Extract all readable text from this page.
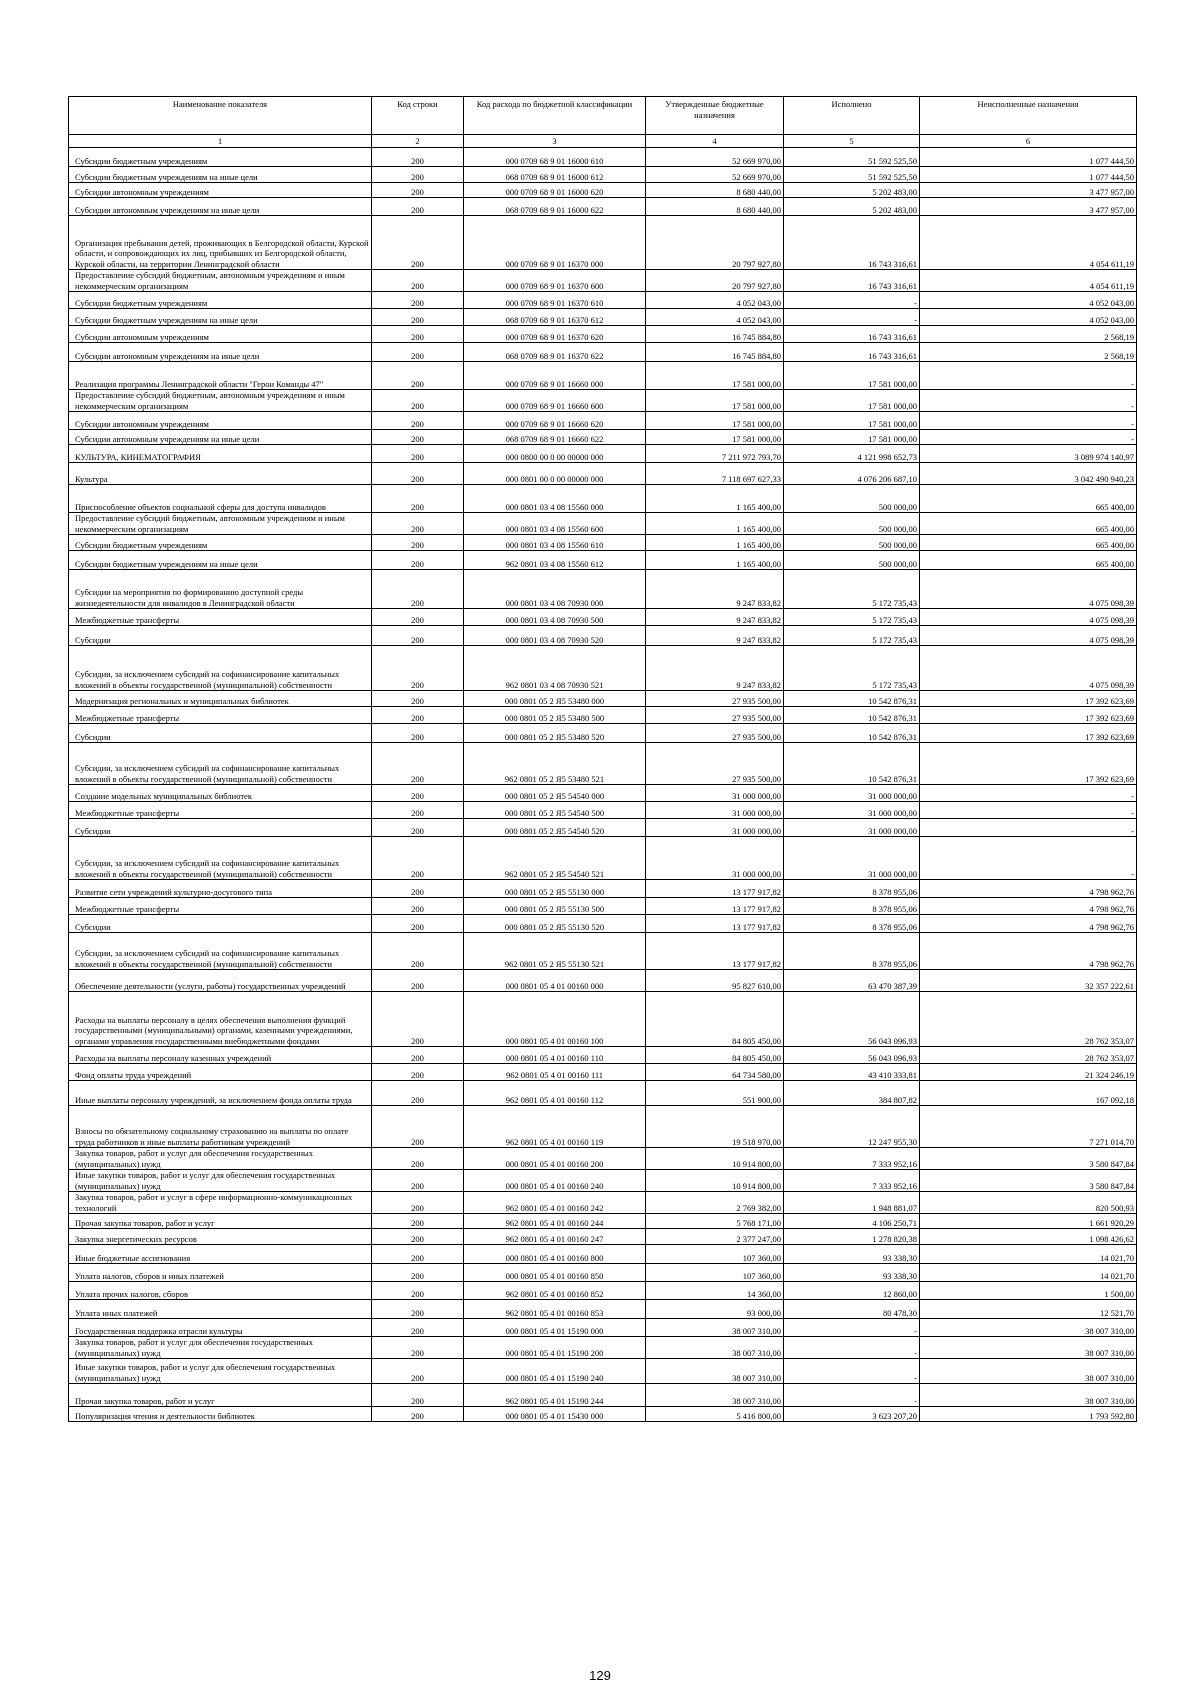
Наименование показателя	Код строки	Код расхода по бюджетной классификации	Утвержденные бюджетные назначения	Исполнено	Неисполненные назначения
1	2	3	4	5	6
Субсидии бюджетным учреждениям	200	000 0709 68 9 01 16000 610	52 669 970,00	51 592 525,50	1 077 444,50
Субсидии бюджетным учреждениям на иные цели	200	068 0709 68 9 01 16000 612	52 669 970,00	51 592 525,50	1 077 444,50
Субсидии автономным учреждениям	200	000 0709 68 9 01 16000 620	8 680 440,00	5 202 483,00	3 477 957,00
Субсидии автономным учреждениям на иные цели	200	068 0709 68 9 01 16000 622	8 680 440,00	5 202 483,00	3 477 957,00
Организация пребывания детей, проживающих в Белгородской области, Курской области, и сопровождающих их лиц, прибывших из Белгородской области, Курской области, на территории Ленинградской области	200	000 0709 68 9 01 16370 000	20 797 927,80	16 743 316,61	4 054 611,19
Предоставление субсидий бюджетным, автономным учреждениям и иным некоммерческим организациям	200	000 0709 68 9 01 16370 600	20 797 927,80	16 743 316,61	4 054 611,19
Субсидии бюджетным учреждениям	200	000 0709 68 9 01 16370 610	4 052 043,00	-	4 052 043,00
Субсидии бюджетным учреждениям на иные цели	200	068 0709 68 9 01 16370 612	4 052 043,00	-	4 052 043,00
Субсидии автономным учреждениям	200	000 0709 68 9 01 16370 620	16 745 884,80	16 743 316,61	2 568,19
Субсидии автономным учреждениям на иные цели	200	068 0709 68 9 01 16370 622	16 745 884,80	16 743 316,61	2 568,19
Реализация программы Ленинградской области "Герои Команды 47"	200	000 0709 68 9 01 16660 000	17 581 000,00	17 581 000,00	-
Предоставление субсидий бюджетным, автономным учреждениям и иным некоммерческим организациям	200	000 0709 68 9 01 16660 600	17 581 000,00	17 581 000,00	-
Субсидии автономным учреждениям	200	000 0709 68 9 01 16660 620	17 581 000,00	17 581 000,00	-
Субсидии автономным учреждениям на иные цели	200	068 0709 68 9 01 16660 622	17 581 000,00	17 581 000,00	-
КУЛЬТУРА, КИНЕМАТОГРАФИЯ	200	000 0800 00 0 00 00000 000	7 211 972 793,70	4 121 998 652,73	3 089 974 140,97
Культура	200	000 0801 00 0 00 00000 000	7 118 697 627,33	4 076 206 687,10	3 042 490 940,23
Приспособление объектов социальной сферы для доступа инвалидов	200	000 0801 03 4 08 15560 000	1 165 400,00	500 000,00	665 400,00
Предоставление субсидий бюджетным, автономным учреждениям и иным некоммерческим организациям	200	000 0801 03 4 08 15560 600	1 165 400,00	500 000,00	665 400,00
Субсидии бюджетным учреждениям	200	000 0801 03 4 08 15560 610	1 165 400,00	500 000,00	665 400,00
Субсидии бюджетным учреждениям на иные цели	200	962 0801 03 4 08 15560 612	1 165 400,00	500 000,00	665 400,00
Субсидии на мероприятия по формированию доступной среды жизнедеятельности для инвалидов в Ленинградской области	200	000 0801 03 4 08 70930 000	9 247 833,82	5 172 735,43	4 075 098,39
Межбюджетные трансферты	200	000 0801 03 4 08 70930 500	9 247 833,82	5 172 735,43	4 075 098,39
Субсидии	200	000 0801 03 4 08 70930 520	9 247 833,82	5 172 735,43	4 075 098,39
Субсидии, за исключением субсидий на софинансирование капитальных вложений в объекты государственной (муниципальной) собственности	200	962 0801 03 4 08 70930 521	9 247 833,82	5 172 735,43	4 075 098,39
Модернизация региональных и муниципальных библиотек	200	000 0801 05 2 Я5 53480 000	27 935 500,00	10 542 876,31	17 392 623,69
Межбюджетные трансферты	200	000 0801 05 2 Я5 53480 500	27 935 500,00	10 542 876,31	17 392 623,69
Субсидии	200	000 0801 05 2 Я5 53480 520	27 935 500,00	10 542 876,31	17 392 623,69
Субсидии, за исключением субсидий на софинансирование капитальных вложений в объекты государственной (муниципальной) собственности	200	962 0801 05 2 Я5 53480 521	27 935 500,00	10 542 876,31	17 392 623,69
Создание модельных муниципальных библиотек	200	000 0801 05 2 Я5 54540 000	31 000 000,00	31 000 000,00	-
Межбюджетные трансферты	200	000 0801 05 2 Я5 54540 500	31 000 000,00	31 000 000,00	-
Субсидии	200	000 0801 05 2 Я5 54540 520	31 000 000,00	31 000 000,00	-
Субсидии, за исключением субсидий на софинансирование капитальных вложений в объекты государственной (муниципальной) собственности	200	962 0801 05 2 Я5 54540 521	31 000 000,00	31 000 000,00	-
Развитие сети учреждений культурно-досугового типа	200	000 0801 05 2 Я5 55130 000	13 177 917,82	8 378 955,06	4 798 962,76
Межбюджетные трансферты	200	000 0801 05 2 Я5 55130 500	13 177 917,82	8 378 955,06	4 798 962,76
Субсидии	200	000 0801 05 2 Я5 55130 520	13 177 917,82	8 378 955,06	4 798 962,76
Субсидии, за исключением субсидий на софинансирование капитальных вложений в объекты государственной (муниципальной) собственности	200	962 0801 05 2 Я5 55130 521	13 177 917,82	8 378 955,06	4 798 962,76
Обеспечение деятельности (услуги, работы) государственных учреждений	200	000 0801 05 4 01 00160 000	95 827 610,00	63 470 387,39	32 357 222,61
Расходы на выплаты персоналу в целях обеспечения выполнения функций государственными (муниципальными) органами, казенными учреждениями, органами управления государственными внебюджетными фондами	200	000 0801 05 4 01 00160 100	84 805 450,00	56 043 096,93	28 762 353,07
Расходы на выплаты персоналу казенных учреждений	200	000 0801 05 4 01 00160 110	84 805 450,00	56 043 096,93	28 762 353,07
Фонд оплаты труда учреждений	200	962 0801 05 4 01 00160 111	64 734 580,00	43 410 333,81	21 324 246,19
Иные выплаты персоналу учреждений, за исключением фонда оплаты труда	200	962 0801 05 4 01 00160 112	551 900,00	384 807,82	167 092,18
Взносы по обязательному социальному страхованию на выплаты по оплате труда работников и иные выплаты работникам учреждений	200	962 0801 05 4 01 00160 119	19 518 970,00	12 247 955,30	7 271 014,70
Закупка товаров, работ и услуг для обеспечения государственных (муниципальных) нужд	200	000 0801 05 4 01 00160 200	10 914 800,00	7 333 952,16	3 580 847,84
Иные закупки товаров, работ и услуг для обеспечения государственных (муниципальных) нужд	200	000 0801 05 4 01 00160 240	10 914 800,00	7 333 952,16	3 580 847,84
Закупка товаров, работ и услуг в сфере информационно-коммуникационных технологий	200	962 0801 05 4 01 00160 242	2 769 382,00	1 948 881,07	820 500,93
Прочая закупка товаров, работ и услуг	200	962 0801 05 4 01 00160 244	5 768 171,00	4 106 250,71	1 661 920,29
Закупка энергетических ресурсов	200	962 0801 05 4 01 00160 247	2 377 247,00	1 278 820,38	1 098 426,62
Иные бюджетные ассигнования	200	000 0801 05 4 01 00160 800	107 360,00	93 338,30	14 021,70
Уплата налогов, сборов и иных платежей	200	000 0801 05 4 01 00160 850	107 360,00	93 338,30	14 021,70
Уплата прочих налогов, сборов	200	962 0801 05 4 01 00160 852	14 360,00	12 860,00	1 500,00
Уплата иных платежей	200	962 0801 05 4 01 00160 853	93 000,00	80 478,30	12 521,70
Государственная поддержка отрасли культуры	200	000 0801 05 4 01 15190 000	38 007 310,00	-	38 007 310,00
Закупка товаров, работ и услуг для обеспечения государственных (муниципальных) нужд	200	000 0801 05 4 01 15190 200	38 007 310,00	-	38 007 310,00
Иные закупки товаров, работ и услуг для обеспечения государственных (муниципальных) нужд	200	000 0801 05 4 01 15190 240	38 007 310,00	-	38 007 310,00
Прочая закупка товаров, работ и услуг	200	962 0801 05 4 01 15190 244	38 007 310,00	-	38 007 310,00
Популяризация чтения и деятельности библиотек	200	000 0801 05 4 01 15430 000	5 416 800,00	3 623 207,20	1 793 592,80
129
